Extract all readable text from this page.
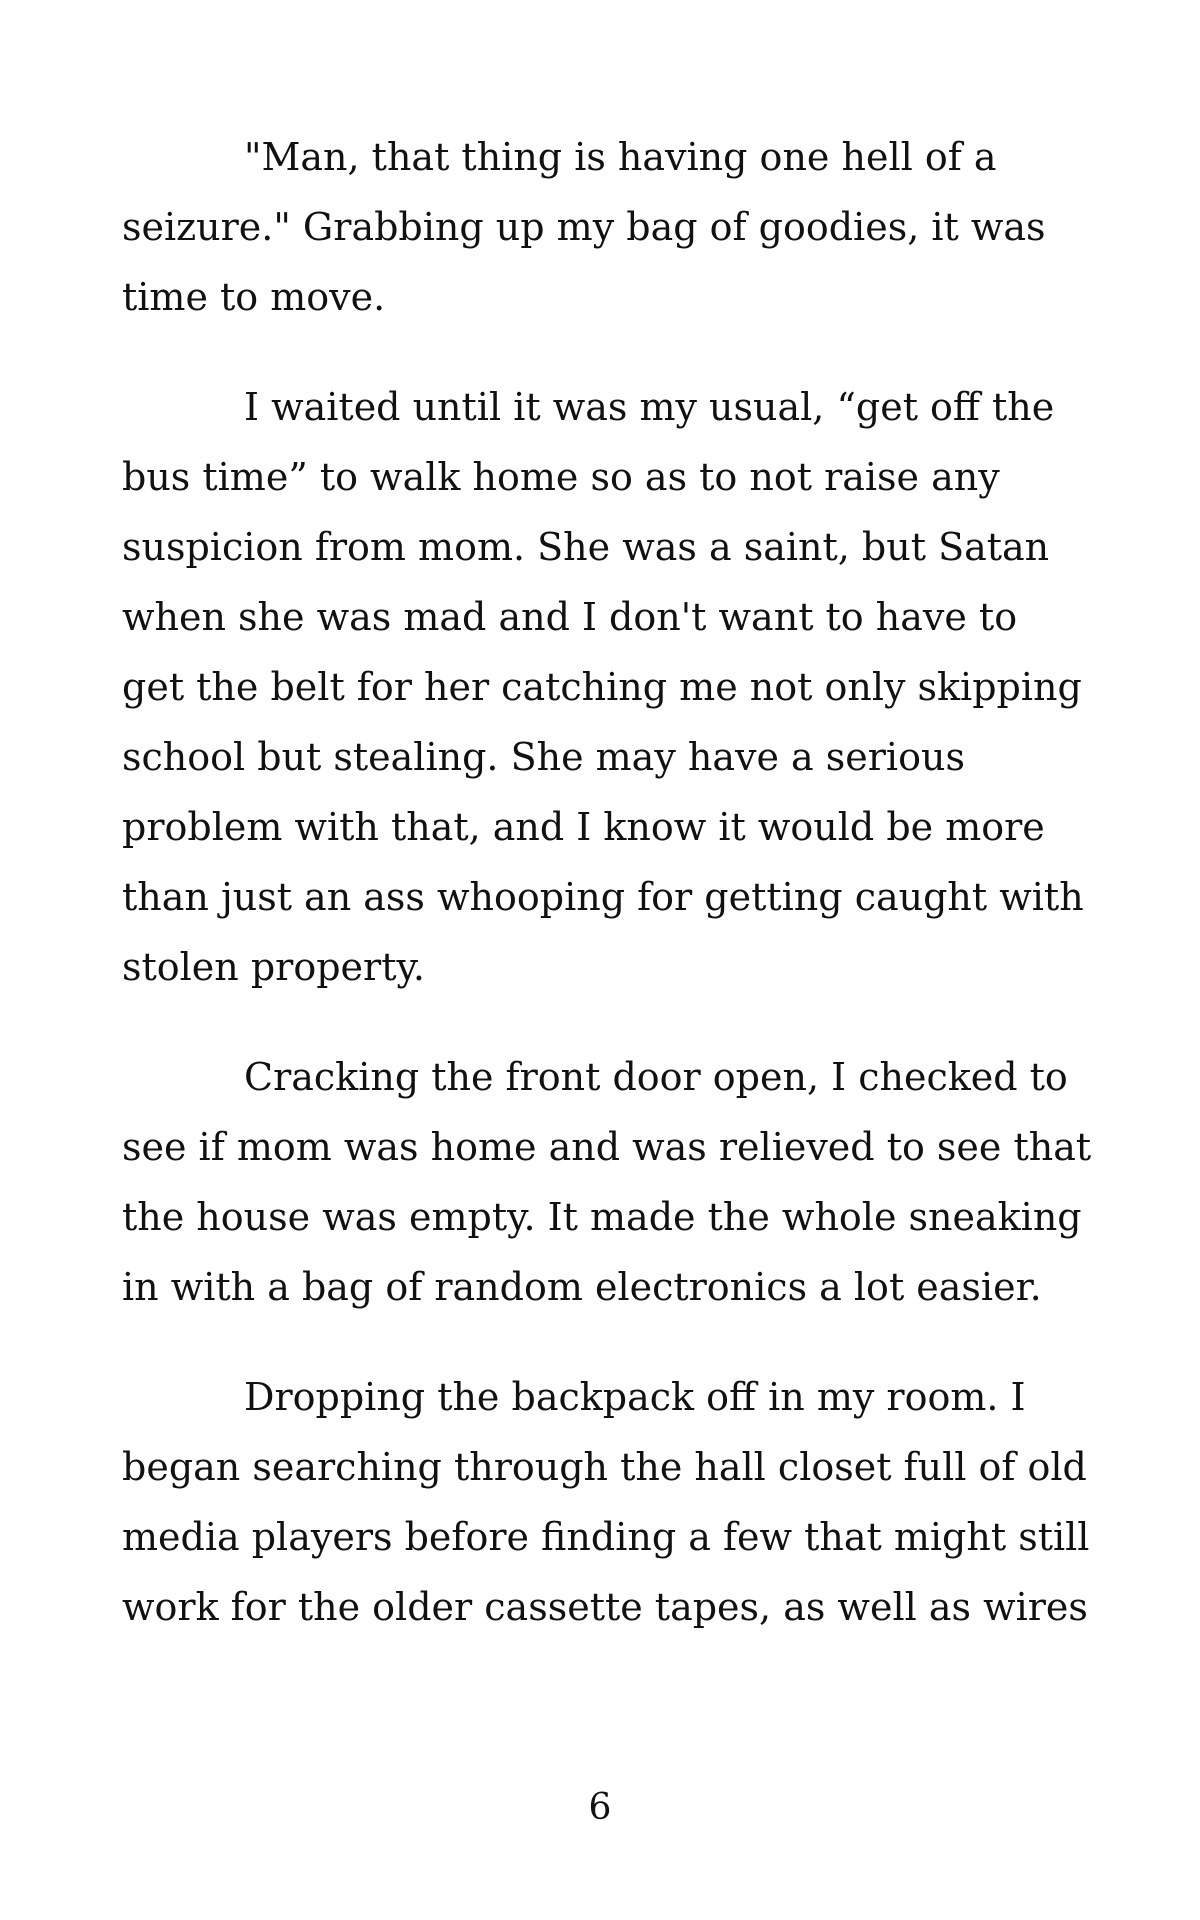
"Man, that thing is having one hell of a
seizure." Grabbing up my bag of goodies, it was
time to move.

I waited until it was my usual, “get off the
bus time” to walk home so as to not raise any
suspicion from mom. She was a saint, but Satan
when she was mad and I don't want to have to
get the belt for her catching me not only skipping
school but stealing. She may have a serious
problem with that, and I know it would be more
than just an ass whooping for getting caught with
stolen property.

Cracking the front door open, I checked to
see if mom was home and was relieved to see that
the house was empty. It made the whole sneaking
in with a bag of random electronics a lot easier.

Dropping the backpack off in my room. I
began searching through the hall closet full of old
media players before finding a few that might still
work for the older cassette tapes, as well as wires

6
